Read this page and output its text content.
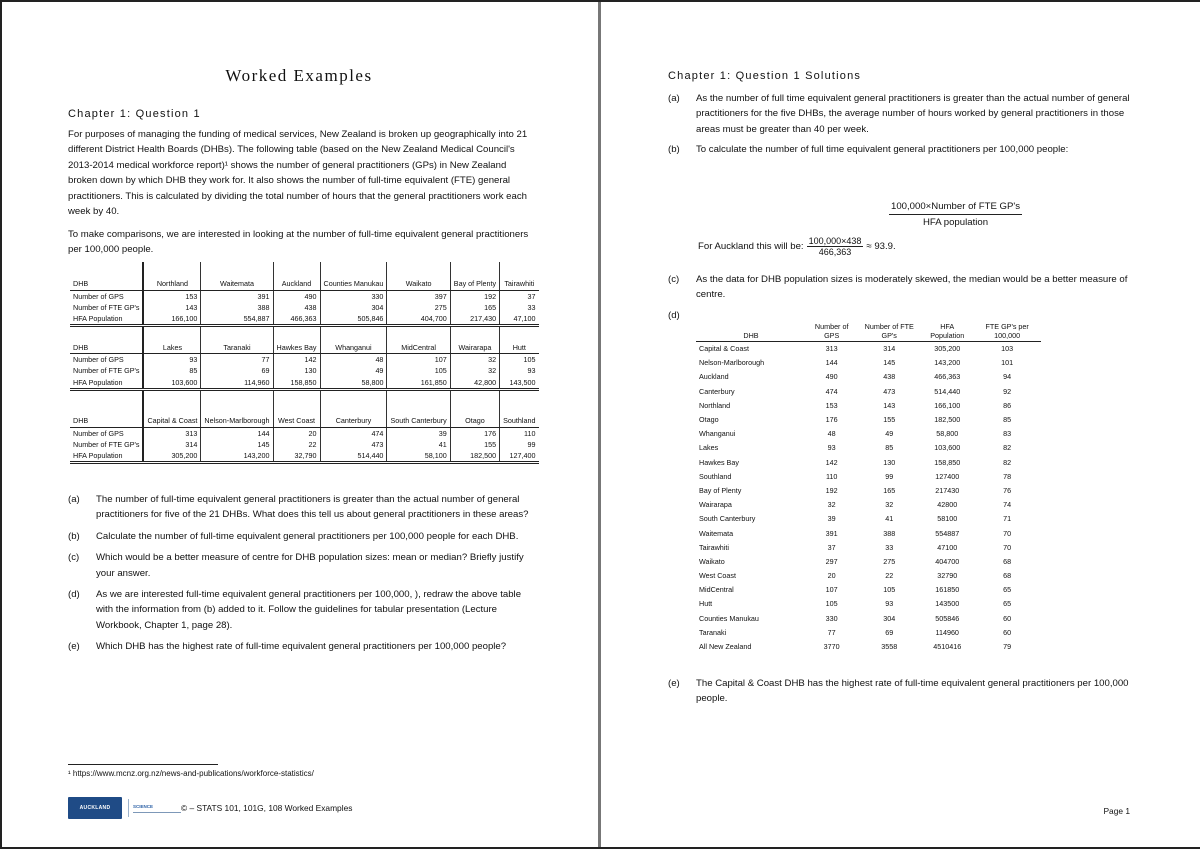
Worked Examples
Chapter 1: Question 1
For purposes of managing the funding of medical services, New Zealand is broken up geographically into 21 different District Health Boards (DHBs). The following table (based on the New Zealand Medical Council's 2013-2014 medical workforce report)¹ shows the number of general practitioners (GPs) in New Zealand broken down by which DHB they work for. It also shows the number of full-time equivalent (FTE) general practitioners. This is calculated by dividing the total number of hours that the general practitioners work each week by 40.
To make comparisons, we are interested in looking at the number of full-time equivalent general practitioners per 100,000 people.
DHB	Northland	Waitemata	Auckland	Counties Manukau	Waikato	Bay of Plenty	Tairawhiti
Number of GPS	153	391	490	330	397	192	37
Number of FTE GP's	143	388	438	304	275	165	33
HFA Population	166,100	554,887	466,363	505,846	404,700	217,430	47,100
DHB	Lakes	Taranaki	Hawkes Bay	Whanganui	MidCentral	Wairarapa	Hutt
Number of GPS	93	77	142	48	107	32	105
Number of FTE GP's	85	69	130	49	105	32	93
HFA Population	103,600	114,960	158,850	58,800	161,850	42,800	143,500
DHB	Capital & Coast	Nelson-Marlborough	West Coast	Canterbury	South Canterbury	Otago	Southland
Number of GPS	313	144	20	474	39	176	110
Number of FTE GP's	314	145	22	473	41	155	99
HFA Population	305,200	143,200	32,790	514,440	58,100	182,500	127,400
(a)	The number of full-time equivalent general practitioners is greater than the actual number of general practitioners for five of the 21 DHBs. What does this tell us about general practitioners in these areas?
(b)	Calculate the number of full-time equivalent general practitioners per 100,000 people for each DHB.
(c)	Which would be a better measure of centre for DHB population sizes: mean or median? Briefly justify your answer.
(d)	As we are interested full-time equivalent general practitioners per 100,000, ), redraw the above table with the information from (b) added to it. Follow the guidelines for tabular presentation (Lecture Workbook, Chapter 1, page 28).
(e)	Which DHB has the highest rate of full-time equivalent general practitioners per 100,000 people?
¹ https://www.mcnz.org.nz/news-and-publications/workforce-statistics/
AUCKLAND	SCIENCE	© – STATS 101, 101G, 108 Worked Examples
Chapter 1: Question 1 Solutions
(a)	As the number of full time equivalent general practitioners is greater than the actual number of general practitioners for the five DHBs, the average number of hours worked by general practitioners in those areas must be greater than 40 per week.
(b)	To calculate the number of full time equivalent general practitioners per 100,000 people:
100,000×Number of FTE GP's
HFA population
For Auckland this will be: $\frac{100,000\times 438}{466,363} \approx 93.9$.
(c)	As the data for DHB population sizes is moderately skewed, the median would be a better measure of centre.
(d)
DHB	Number of GPS	Number of FTE GP's	HFA Population	FTE GP's per 100,000
Capital & Coast	313	314	305,200	103
Nelson-Marlborough	144	145	143,200	101
Auckland	490	438	466,363	94
Canterbury	474	473	514,440	92
Northland	153	143	166,100	86
Otago	176	155	182,500	85
Whanganui	48	49	58,800	83
Lakes	93	85	103,600	82
Hawkes Bay	142	130	158,850	82
Southland	110	99	127400	78
Bay of Plenty	192	165	217430	76
Wairarapa	32	32	42800	74
South Canterbury	39	41	58100	71
Waitemata	391	388	554887	70
Tairawhiti	37	33	47100	70
Waikato	297	275	404700	68
West Coast	20	22	32790	68
MidCentral	107	105	161850	65
Hutt	105	93	143500	65
Counties Manukau	330	304	505846	60
Taranaki	77	69	114960	60
All New Zealand	3770	3558	4510416	79
(e)	The Capital & Coast DHB has the highest rate of full-time equivalent general practitioners per 100,000 people.
Page 1
